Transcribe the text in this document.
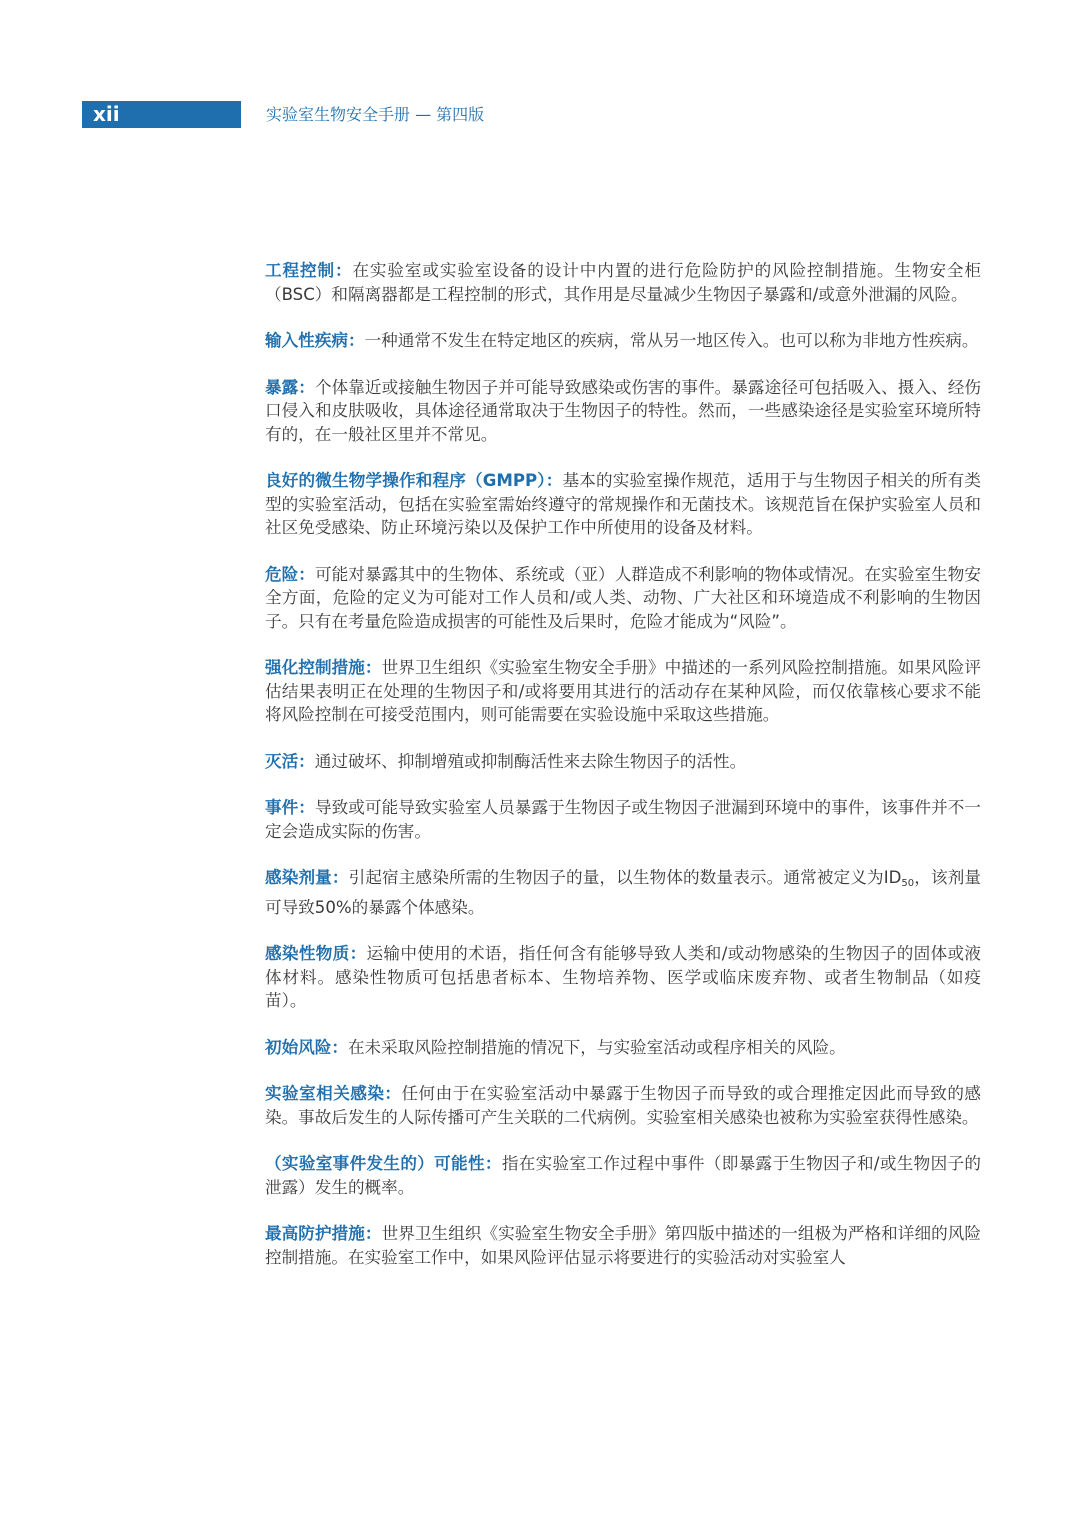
xii	实验室生物安全手册 — 第四版

工程控制：在实验室或实验室设备的设计中内置的进行危险防护的风险控制措施。生物安全柜（BSC）和隔离器都是工程控制的形式，其作用是尽量减少生物因子暴露和/或意外泄漏的风险。

输入性疾病：一种通常不发生在特定地区的疾病，常从另一地区传入。也可以称为非地方性疾病。

暴露：个体靠近或接触生物因子并可能导致感染或伤害的事件。暴露途径可包括吸入、摄入、经伤口侵入和皮肤吸收，具体途径通常取决于生物因子的特性。然而，一些感染途径是实验室环境所特有的，在一般社区里并不常见。

良好的微生物学操作和程序（GMPP）：基本的实验室操作规范，适用于与生物因子相关的所有类型的实验室活动，包括在实验室需始终遵守的常规操作和无菌技术。该规范旨在保护实验室人员和社区免受感染、防止环境污染以及保护工作中所使用的设备及材料。

危险：可能对暴露其中的生物体、系统或（亚）人群造成不利影响的物体或情况。在实验室生物安全方面，危险的定义为可能对工作人员和/或人类、动物、广大社区和环境造成不利影响的生物因子。只有在考量危险造成损害的可能性及后果时，危险才能成为“风险”。

强化控制措施：世界卫生组织《实验室生物安全手册》中描述的一系列风险控制措施。如果风险评估结果表明正在处理的生物因子和/或将要用其进行的活动存在某种风险，而仅依靠核心要求不能将风险控制在可接受范围内，则可能需要在实验设施中采取这些措施。

灭活：通过破坏、抑制增殖或抑制酶活性来去除生物因子的活性。

事件：导致或可能导致实验室人员暴露于生物因子或生物因子泄漏到环境中的事件，该事件并不一定会造成实际的伤害。

感染剂量：引起宿主感染所需的生物因子的量，以生物体的数量表示。通常被定义为$ID_{50}$，该剂量可导致50%的暴露个体感染。

感染性物质：运输中使用的术语，指任何含有能够导致人类和/或动物感染的生物因子的固体或液体材料。感染性物质可包括患者标本、生物培养物、医学或临床废弃物、或者生物制品（如疫苗）。

初始风险：在未采取风险控制措施的情况下，与实验室活动或程序相关的风险。

实验室相关感染：任何由于在实验室活动中暴露于生物因子而导致的或合理推定因此而导致的感染。事故后发生的人际传播可产生关联的二代病例。实验室相关感染也被称为实验室获得性感染。

（实验室事件发生的）可能性：指在实验室工作过程中事件（即暴露于生物因子和/或生物因子的泄露）发生的概率。

最高防护措施：世界卫生组织《实验室生物安全手册》第四版中描述的一组极为严格和详细的风险控制措施。在实验室工作中，如果风险评估显示将要进行的实验活动对实验室人
